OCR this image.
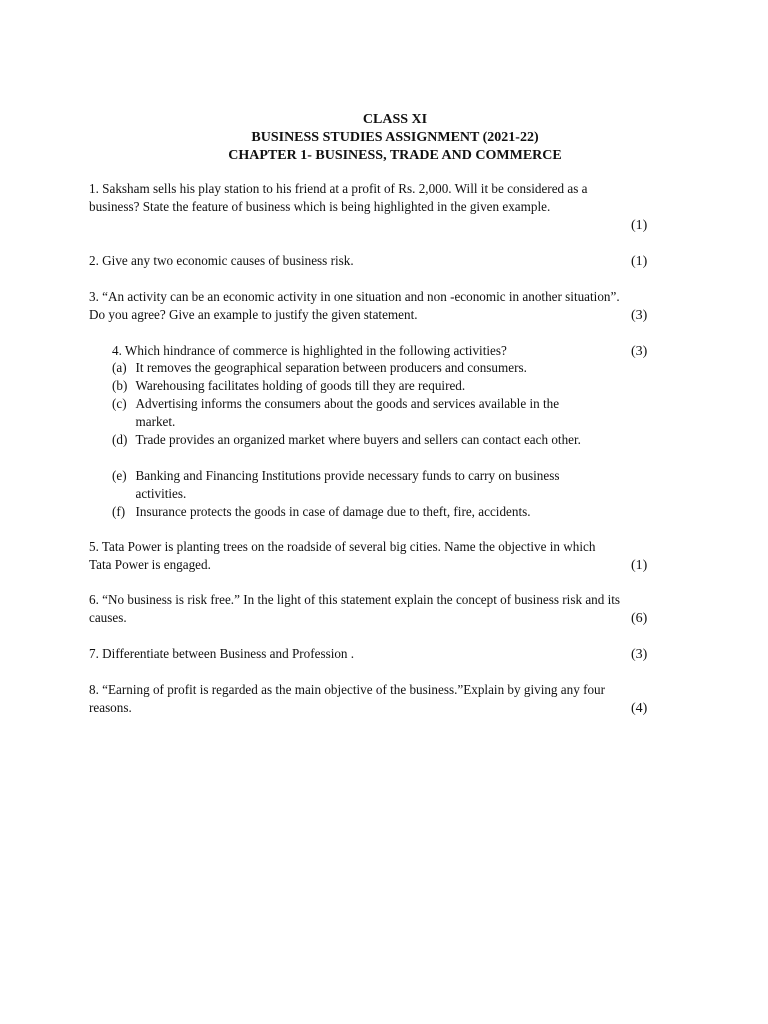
CLASS XI
BUSINESS STUDIES ASSIGNMENT (2021-22)
CHAPTER 1- BUSINESS, TRADE AND COMMERCE
1. Saksham sells his play station to his friend at a profit of Rs. 2,000. Will it be considered as a business? State the feature of business which is being highlighted in the given example.
(1)
2. Give any two economic causes of business risk.	(1)
3. “An activity can be an economic activity in one situation and non -economic in another situation”. Do you agree? Give an example to justify the given statement.	(3)
4. Which hindrance of commerce is highlighted in the following activities?	(3)
(a) It removes the geographical separation between producers and consumers.
(b) Warehousing facilitates holding of goods till they are required.
(c) Advertising informs the consumers about the goods and services available in the market.
(d) Trade provides an organized market where buyers and sellers can contact each other.
(e) Banking and Financing Institutions provide necessary funds to carry on business activities.
(f) Insurance protects the goods in case of damage due to theft, fire, accidents.
5. Tata Power is planting trees on the roadside of several big cities. Name the objective in which Tata Power is engaged.	(1)
6. “No business is risk free.” In the light of this statement explain the concept of business risk and its causes.	(6)
7. Differentiate between Business and Profession .	(3)
8. “Earning of profit is regarded as the main objective of the business.”Explain by giving any four reasons.	(4)
